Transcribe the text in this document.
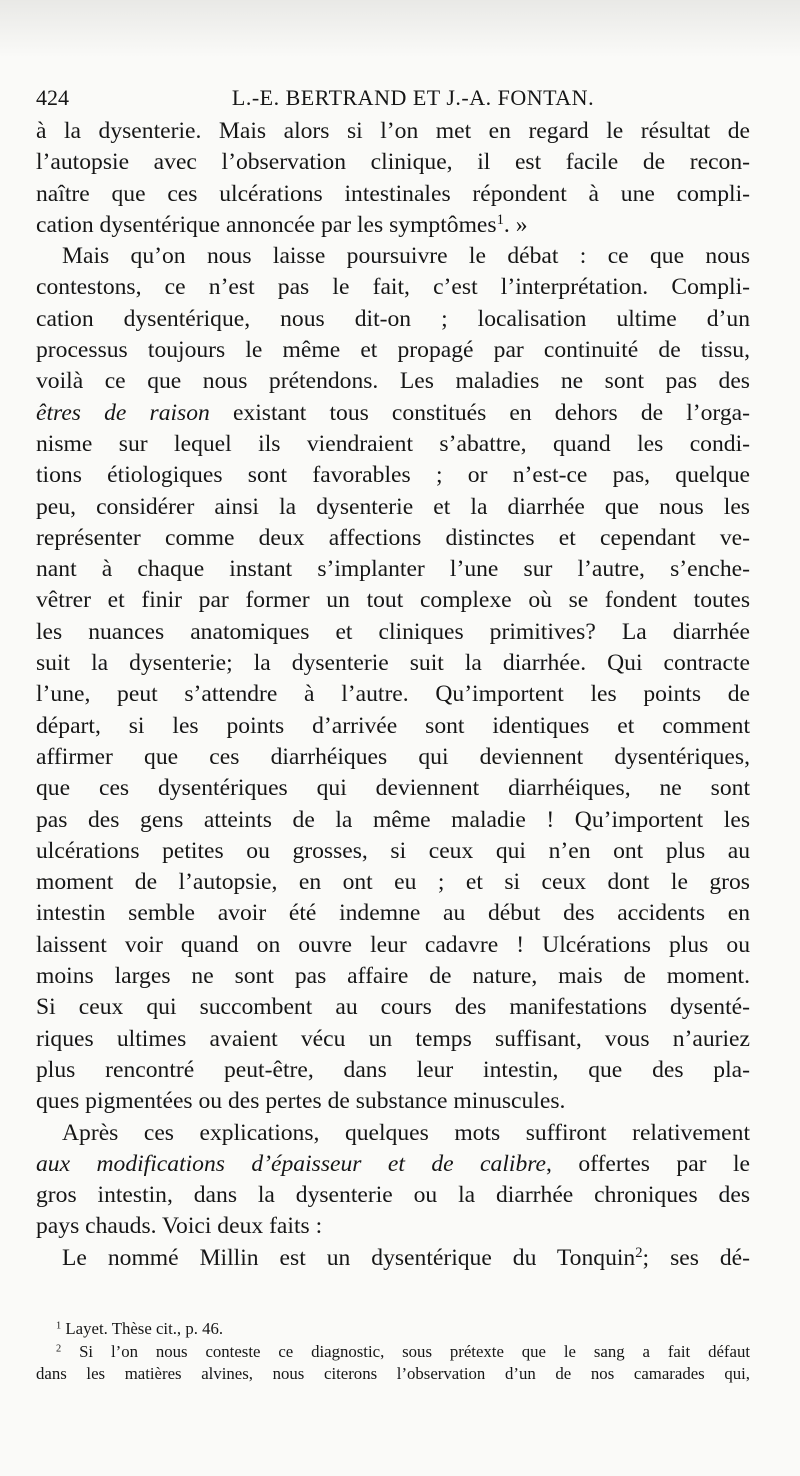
424	L.-E. BERTRAND ET J.-A. FONTAN.
à la dysenterie. Mais alors si l’on met en regard le résultat de
l’autopsie avec l’observation clinique, il est facile de recon-
naître que ces ulcérations intestinales répondent à une compli-
cation dysentérique annoncée par les symptômes$^1$. »
Mais qu’on nous laisse poursuivre le débat : ce que nous
contestons, ce n’est pas le fait, c’est l’interprétation. Compli-
cation dysentérique, nous dit-on ; localisation ultime d’un
processus toujours le même et propagé par continuité de tissu,
voilà ce que nous prétendons. Les maladies ne sont pas des
êtres de raison existant tous constitués en dehors de l’orga-
nisme sur lequel ils viendraient s’abattre, quand les condi-
tions étiologiques sont favorables ; or n’est-ce pas, quelque
peu, considérer ainsi la dysenterie et la diarrhée que nous les
représenter comme deux affections distinctes et cependant ve-
nant à chaque instant s’implanter l’une sur l’autre, s’enche-
vêtrer et finir par former un tout complexe où se fondent toutes
les nuances anatomiques et cliniques primitives? La diarrhée
suit la dysenterie; la dysenterie suit la diarrhée. Qui contracte
l’une, peut s’attendre à l’autre. Qu’importent les points de
départ, si les points d’arrivée sont identiques et comment
affirmer que ces diarrhéiques qui deviennent dysentériques,
que ces dysentériques qui deviennent diarrhéiques, ne sont
pas des gens atteints de la même maladie ! Qu’importent les
ulcérations petites ou grosses, si ceux qui n’en ont plus au
moment de l’autopsie, en ont eu ; et si ceux dont le gros
intestin semble avoir été indemne au début des accidents en
laissent voir quand on ouvre leur cadavre ! Ulcérations plus ou
moins larges ne sont pas affaire de nature, mais de moment.
Si ceux qui succombent au cours des manifestations dysenté-
riques ultimes avaient vécu un temps suffisant, vous n’auriez
plus rencontré peut-être, dans leur intestin, que des pla-
ques pigmentées ou des pertes de substance minuscules.
Après ces explications, quelques mots suffiront relativement
aux modifications d’épaisseur et de calibre, offertes par le
gros intestin, dans la dysenterie ou la diarrhée chroniques des
pays chauds. Voici deux faits :
Le nommé Millin est un dysentérique du Tonquin$^2$; ses dé-
$^1$ Layet. Thèse cit., p. 46.
$^2$ Si l’on nous conteste ce diagnostic, sous prétexte que le sang a fait défaut
dans les matières alvines, nous citerons l’observation d’un de nos camarades qui,
